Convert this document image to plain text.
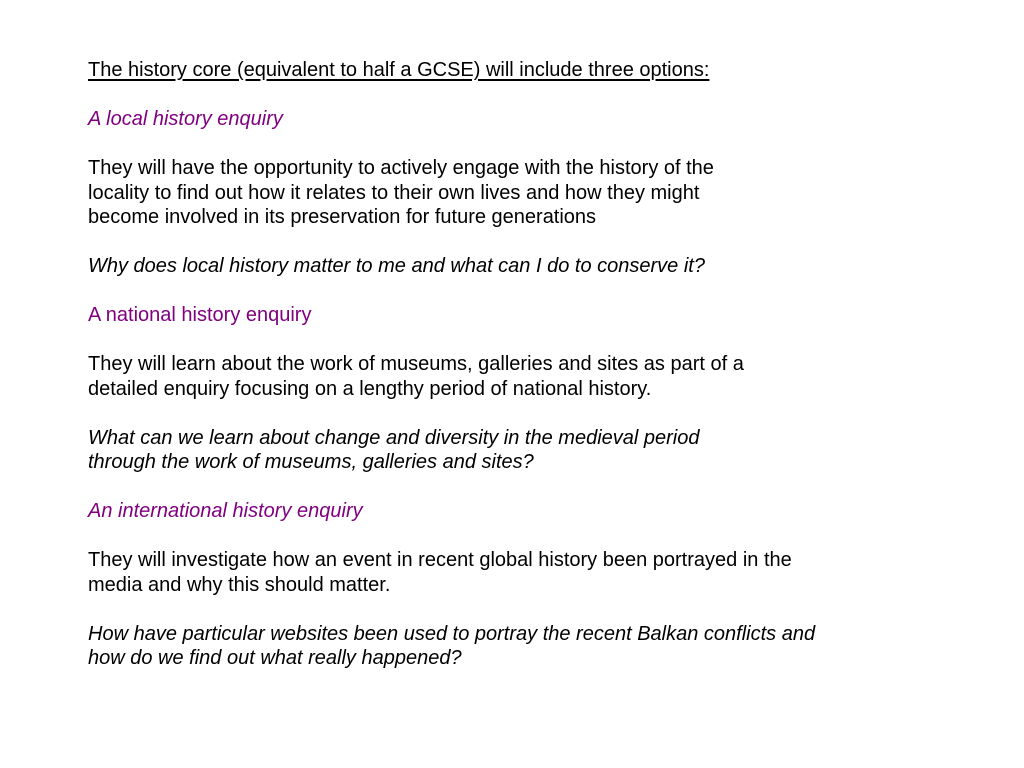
The history core (equivalent to half a GCSE) will include three options:
A local history enquiry
They will have the opportunity to actively engage with the history of the
locality to find out how it relates to their own lives and how they might
become involved in its preservation for future generations
Why does local history matter to me and what can I do to conserve it?
A national history enquiry
They will learn about the work of museums, galleries and sites as part of a
detailed enquiry focusing on a lengthy period of national history.
What can we learn about change and diversity in the medieval period
through the work of museums, galleries and sites?
An international history enquiry
They will investigate how an event in recent global history been portrayed in the
media and why this should matter.
How have particular websites been used to portray the recent Balkan conflicts and
how do we find out what really happened?
